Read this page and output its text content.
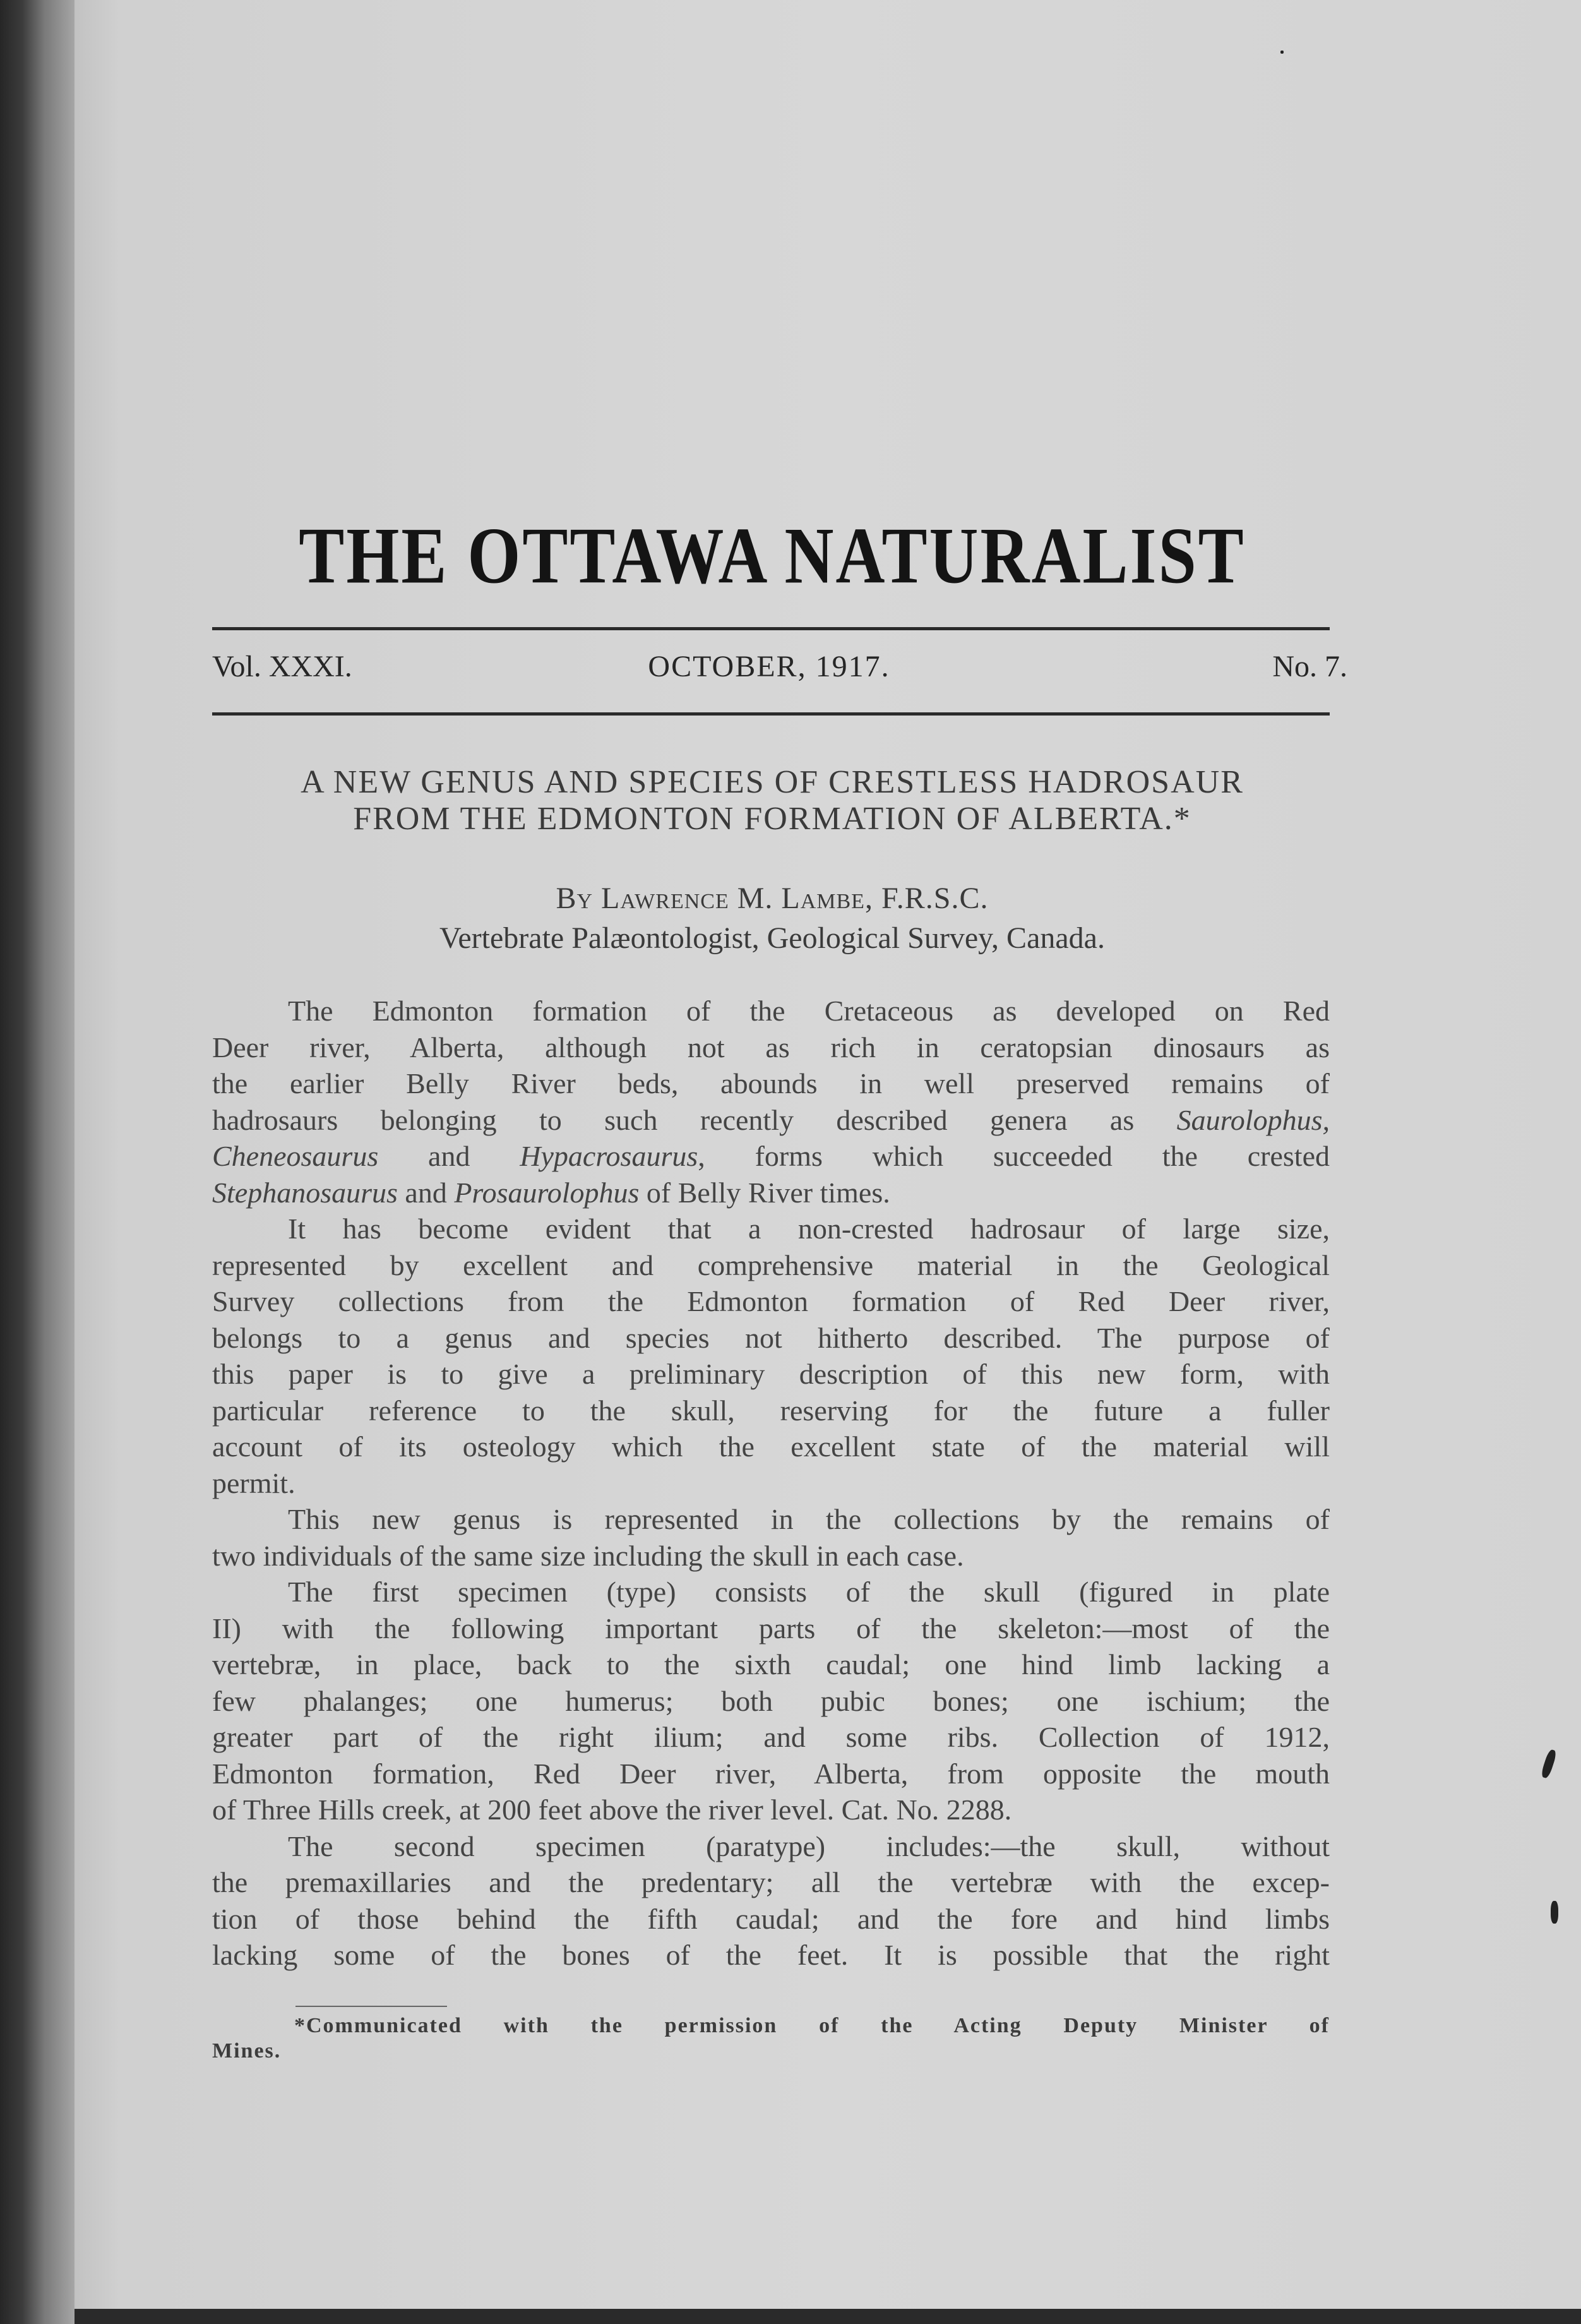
THE OTTAWA NATURALIST
Vol. XXXI.	OCTOBER, 1917.	No. 7.
A NEW GENUS AND SPECIES OF CRESTLESS HADROSAUR
FROM THE EDMONTON FORMATION OF ALBERTA.*
By Lawrence M. Lambe, F.R.S.C.
Vertebrate Palæontologist, Geological Survey, Canada.
The Edmonton formation of the Cretaceous as developed on Red
Deer river, Alberta, although not as rich in ceratopsian dinosaurs as
the earlier Belly River beds, abounds in well preserved remains of
hadrosaurs belonging to such recently described genera as Saurolophus,
Cheneosaurus and Hypacrosaurus, forms which succeeded the crested
Stephanosaurus and Prosaurolophus of Belly River times.
It has become evident that a non-crested hadrosaur of large size,
represented by excellent and comprehensive material in the Geological
Survey collections from the Edmonton formation of Red Deer river,
belongs to a genus and species not hitherto described. The purpose of
this paper is to give a preliminary description of this new form, with
particular reference to the skull, reserving for the future a fuller
account of its osteology which the excellent state of the material will
permit.
This new genus is represented in the collections by the remains of
two individuals of the same size including the skull in each case.
The first specimen (type) consists of the skull (figured in plate
II) with the following important parts of the skeleton:—most of the
vertebræ, in place, back to the sixth caudal; one hind limb lacking a
few phalanges; one humerus; both pubic bones; one ischium; the
greater part of the right ilium; and some ribs. Collection of 1912,
Edmonton formation, Red Deer river, Alberta, from opposite the mouth
of Three Hills creek, at 200 feet above the river level. Cat. No. 2288.
The second specimen (paratype) includes:—the skull, without
the premaxillaries and the predentary; all the vertebræ with the excep-
tion of those behind the fifth caudal; and the fore and hind limbs
lacking some of the bones of the feet. It is possible that the right
*Communicated with the permission of the Acting Deputy Minister of
Mines.
